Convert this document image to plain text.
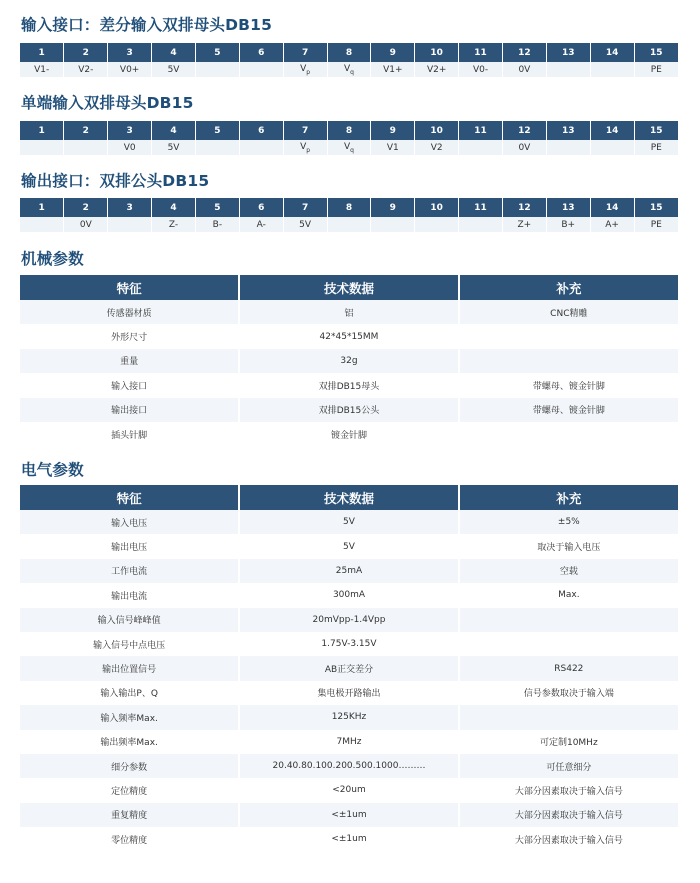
输入接口：差分输入双排母头DB15
1	2	3	4	5	6	7	8	9	10	11	12	13	14	15
V1-	V2-	V0+	5V			$V_p$	$V_q$	V1+	V2+	V0-	0V			PE
单端输入双排母头DB15
1	2	3	4	5	6	7	8	9	10	11	12	13	14	15
		V0	5V			$V_p$	$V_q$	V1	V2		0V			PE
输出接口：双排公头DB15
1	2	3	4	5	6	7	8	9	10	11	12	13	14	15
	0V		Z-	B-	A-	5V					Z+	B+	A+	PE
机械参数
特征	技术数据	补充
传感器材质	铝	CNC精雕
外形尺寸	42*45*15MM	
重量	32g	
输入接口	双排DB15母头	带螺母、镀金针脚
输出接口	双排DB15公头	带螺母、镀金针脚
插头针脚	镀金针脚	
电气参数
特征	技术数据	补充
输入电压	5V	±5%
输出电压	5V	取决于输入电压
工作电流	25mA	空载
输出电流	300mA	Max.
输入信号峰峰值	20mVpp-1.4Vpp	
输入信号中点电压	1.75V-3.15V	
输出位置信号	AB正交差分	RS422
输入输出P、Q	集电极开路输出	信号参数取决于输入端
输入频率Max.	125KHz	
输出频率Max.	7MHz	可定制10MHz
细分参数	20.40.80.100.200.500.1000………	可任意细分
定位精度	<20um	大部分因素取决于输入信号
重复精度	<±1um	大部分因素取决于输入信号
零位精度	<±1um	大部分因素取决于输入信号
